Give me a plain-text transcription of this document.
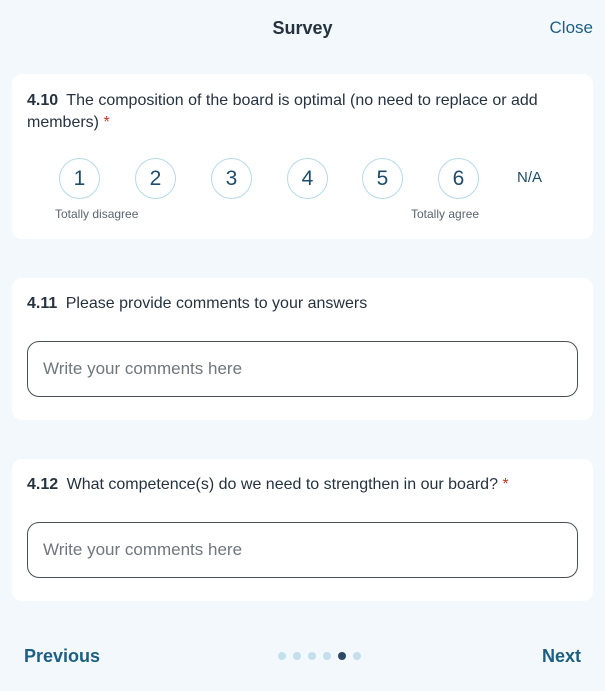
Survey	Close
4.10 The composition of the board is optimal (no need to replace or add members) *
1	2	3	4	5	6	N/A
Totally disagree	Totally agree
4.11 Please provide comments to your answers
Write your comments here
4.12 What competence(s) do we need to strengthen in our board? *
Write your comments here
Previous	Next
